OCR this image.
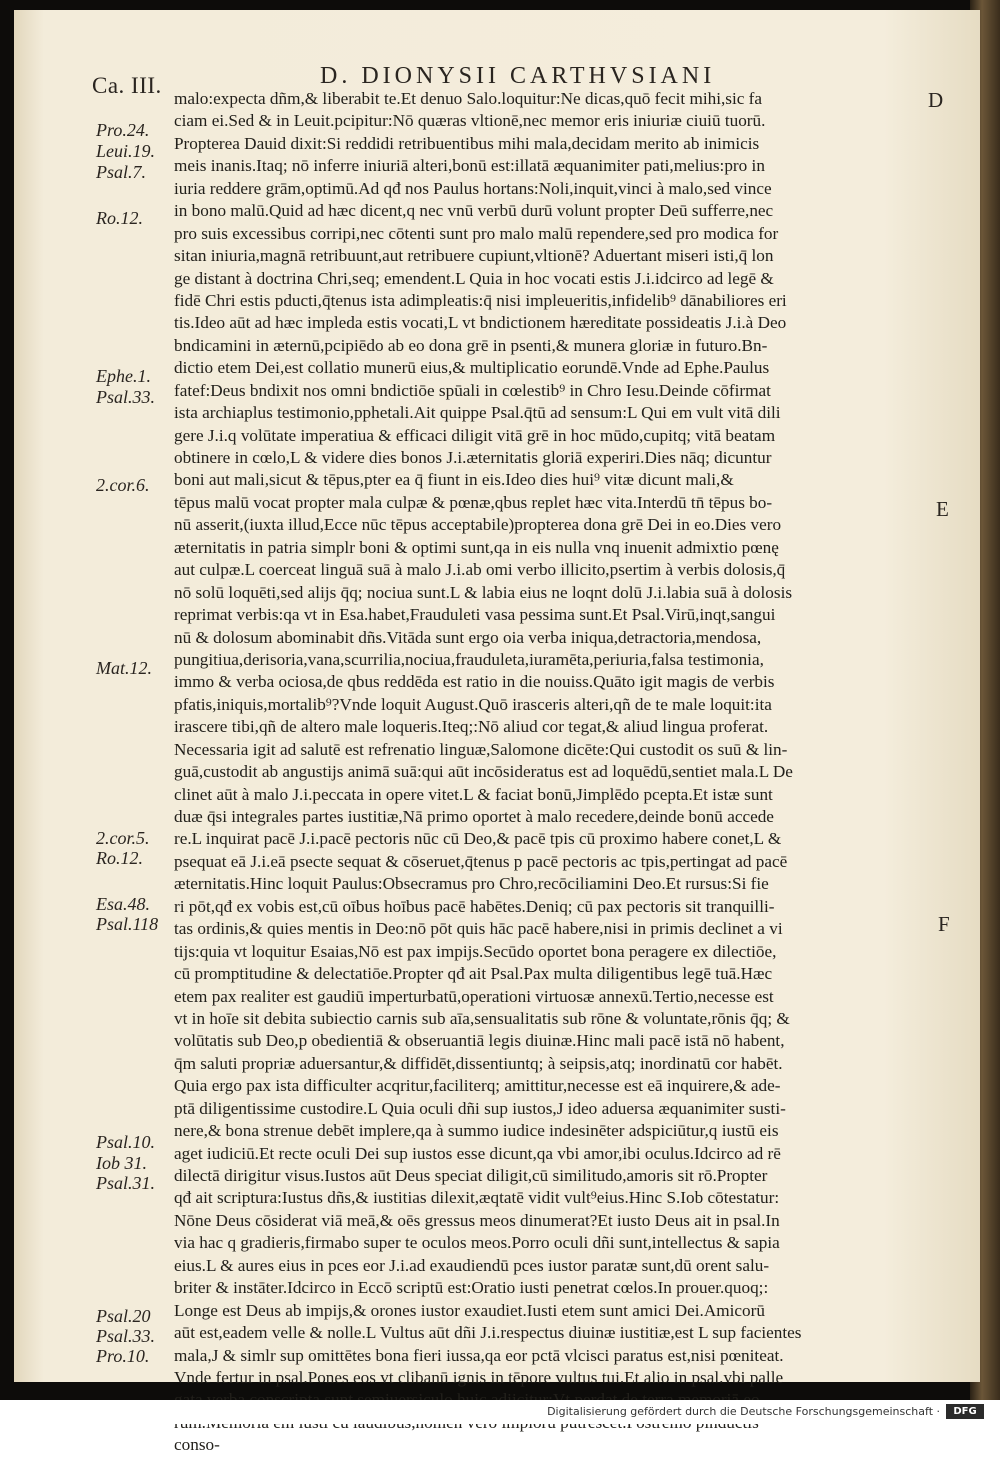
Ca. III.	D. DIONYSII CARTHVSIANI
D
E
F
Pro.24.
Leui.19.
Psal.7.
Ro.12.
Ephe.1.
Psal.33.
2.cor.6.
Mat.12.
2.cor.5.
Ro.12.
Esa.48.
Psal.118
Psal.10.
Iob 31.
Psal.31.
Psal.20
Psal.33.
Pro.10.
malo:expecta dñm,& liberabit te.Et denuo Salo.loquitur:Ne dicas,quō fecit mihi,sic fa
ciam ei.Sed & in Leuit.pcipitur:Nō quæras vltionē,nec memor eris iniuriæ ciuiū tuorū.
Propterea Dauid dixit:Si reddidi retribuentibus mihi mala,decidam merito ab inimicis
meis inanis.Itaq; nō inferre iniuriā alteri,bonū est:illatā æquanimiter pati,melius:pro in
iuria reddere grām,optimū.Ad qđ nos Paulus hortans:Noli,inquit,vinci à malo,sed vince
in bono malū.Quid ad hæc dicent,q nec vnū verbū durū volunt propter Deū sufferre,nec
pro suis excessibus corripi,nec cōtenti sunt pro malo malū rependere,sed pro modica for
sitan iniuria,magnā retribuunt,aut retribuere cupiunt,vltionē? Aduertant miseri isti,q̄ lon
ge distant à doctrina Chri,seq; emendent.L Quia in hoc vocati estis J.i.idcirco ad legē &
fidē Chri estis pducti,q̄tenus ista adimpleatis:q̄ nisi impleueritis,infidelib⁹ dānabiliores eri
tis.Ideo aūt ad hæc impleda estis vocati,L vt bndictionem hæreditate possideatis J.i.à Deo
bndicamini in æternū,pcipiēdo ab eo dona grē in psenti,& munera gloriæ in futuro.Bn-
dictio etem Dei,est collatio munerū eius,& multiplicatio eorundē.Vnde ad Ephe.Paulus
fatef:Deus bndixit nos omni bndictiōe spūali in cœlestib⁹ in Chro Iesu.Deinde cōfirmat
ista archiaplus testimonio,pphetali.Ait quippe Psal.q̄tū ad sensum:L Qui em vult vitā dili
gere J.i.q volūtate imperatiua & efficaci diligit vitā grē in hoc mūdo,cupitq; vitā beatam
obtinere in cœlo,L & videre dies bonos J.i.æternitatis gloriā experiri.Dies nāq; dicuntur
boni aut mali,sicut & tēpus,pter ea q̄ fiunt in eis.Ideo dies hui⁹ vitæ dicunt mali,&
tēpus malū vocat propter mala culpæ & pœnæ,qbus replet hæc vita.Interdū tn̄ tēpus bo-
nū asserit,(iuxta illud,Ecce nūc tēpus acceptabile)propterea dona grē Dei in eo.Dies vero
æternitatis in patria simplr boni & optimi sunt,qa in eis nulla vnq inuenit admixtio pœnę
aut culpæ.L coerceat linguā suā à malo J.i.ab omi verbo illicito,psertim à verbis dolosis,q̄
nō solū loquēti,sed alijs q̄q; nociua sunt.L & labia eius ne loqnt dolū J.i.labia suā à dolosis
reprimat verbis:qa vt in Esa.habet,Frauduleti vasa pessima sunt.Et Psal.Virū,inqt,sangui
nū & dolosum abominabit dñs.Vitāda sunt ergo oia verba iniqua,detractoria,mendosa,
pungitiua,derisoria,vana,scurrilia,nociua,frauduleta,iuramēta,periuria,falsa testimonia,
immo & verba ociosa,de qbus reddēda est ratio in die nouiss.Quāto igit magis de verbis
pfatis,iniquis,mortalib⁹?Vnde loquit August.Quō irasceris alteri,qñ de te male loquit:ita
irascere tibi,qñ de altero male loqueris.Iteq;:Nō aliud cor tegat,& aliud lingua proferat.
Necessaria igit ad salutē est refrenatio linguæ,Salomone dicēte:Qui custodit os suū & lin-
guā,custodit ab angustijs animā suā:qui aūt incōsideratus est ad loquēdū,sentiet mala.L De
clinet aūt à malo J.i.peccata in opere vitet.L & faciat bonū,Jimplēdo pcepta.Et istæ sunt
duæ q̄si integrales partes iustitiæ,Nā primo oportet à malo recedere,deinde bonū accede
re.L inquirat pacē J.i.pacē pectoris nūc cū Deo,& pacē tpis cū proximo habere conet,L &
psequat eā J.i.eā psecte sequat & cōseruet,q̄tenus p pacē pectoris ac tpis,pertingat ad pacē
æternitatis.Hinc loquit Paulus:Obsecramus pro Chro,recōciliamini Deo.Et rursus:Si fie
ri pōt,qđ ex vobis est,cū oībus hoībus pacē habētes.Deniq; cū pax pectoris sit tranquilli-
tas ordinis,& quies mentis in Deo:nō pōt quis hāc pacē habere,nisi in primis declinet a vi
tijs:quia vt loquitur Esaias,Nō est pax impijs.Secūdo oportet bona peragere ex dilectiōe,
cū promptitudine & delectatiōe.Propter qđ ait Psal.Pax multa diligentibus legē tuā.Hæc
etem pax realiter est gaudiū imperturbatū,operationi virtuosæ annexū.Tertio,necesse est
vt in hoīe sit debita subiectio carnis sub aīa,sensualitatis sub rōne & voluntate,rōnis q̄q; &
volūtatis sub Deo,p obedientiā & obseruantiā legis diuinæ.Hinc mali pacē istā nō habent,
q̄m saluti propriæ aduersantur,& diffidēt,dissentiuntq; à seipsis,atq; inordinatū cor habēt.
Quia ergo pax ista difficulter acqritur,faciliterq; amittitur,necesse est eā inquirere,& ade-
ptā diligentissime custodire.L Quia oculi dñi sup iustos,J ideo aduersa æquanimiter susti-
nere,& bona strenue debēt implere,qa à summo iudice indesinēter adspiciūtur,q iustū eis
aget iudiciū.Et recte oculi Dei sup iustos esse dicunt,qa vbi amor,ibi oculus.Idcirco ad rē
dilectā dirigitur visus.Iustos aūt Deus speciat diligit,cū similitudo,amoris sit rō.Propter
qđ ait scriptura:Iustus dñs,& iustitias dilexit,æqtatē vidit vult⁹eius.Hinc S.Iob cōtestatur:
Nōne Deus cōsiderat viā meā,& oēs gressus meos dinumerat?Et iusto Deus ait in psal.In
via hac q gradieris,firmabo super te oculos meos.Porro oculi dñi sunt,intellectus & sapia
eius.L & aures eius in pces eor J.i.ad exaudiendū pces iustor paratæ sunt,dū orent salu-
briter & instāter.Idcirco in Eccō scriptū est:Oratio iusti penetrat cœlos.In prouer.quoq;:
Longe est Deus ab impijs,& orones iustor exaudiet.Iusti etem sunt amici Dei.Amicorū
aūt est,eadem velle & nolle.L Vultus aūt dñi J.i.respectus diuinæ iustitiæ,est L sup facientes
mala,J & simlr sup omittētes bona fieri iussa,qa eor pctā vlcisci paratus est,nisi pœniteat.
Vnde fertur in psal.Pones eos vt clibanū ignis in tēpore vultus tui.Et alio in psal.vbi palle
conso-
Digitalisierung gefördert durch die Deutsche Forschungsgemeinschaft ·	DFG
